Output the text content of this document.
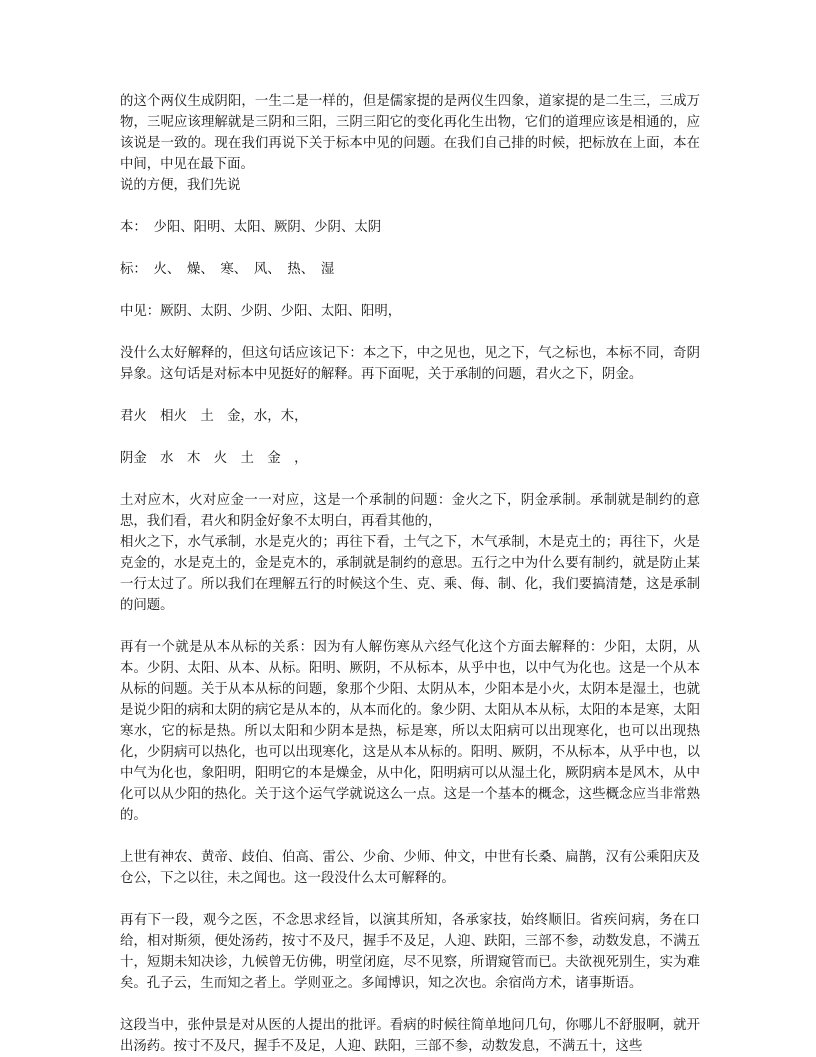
的这个两仪生成阴阳，一生二是一样的，但是儒家提的是两仪生四象，道家提的是二生三，三成万物，三呢应该理解就是三阴和三阳，三阴三阳它的变化再化生出物，它们的道理应该是相通的，应该说是一致的。现在我们再说下关于标本中见的问题。在我们自己排的时候，把标放在上面，本在中间，中见在最下面。

说的方便，我们先说

本：　少阳、阳明、太阳、厥阴、少阴、太阴

标：　火、　燥、　寒、　风、　热、　湿

中见：厥阴、太阴、少阴、少阳、太阳、阳明，

没什么太好解释的，但这句话应该记下：本之下，中之见也，见之下，气之标也，本标不同，奇阴异象。这句话是对标本中见挺好的解释。再下面呢，关于承制的问题，君火之下，阴金。

君火　相火　土　金，水，木，

阴金　水　木　火　土　金　，

土对应木，火对应金一一对应，这是一个承制的问题：金火之下，阴金承制。承制就是制约的意思，我们看，君火和阴金好象不太明白，再看其他的，

相火之下，水气承制，水是克火的；再往下看，土气之下，木气承制，木是克土的；再往下，火是克金的，水是克土的，金是克木的，承制就是制约的意思。五行之中为什么要有制约，就是防止某一行太过了。所以我们在理解五行的时候这个生、克、乘、侮、制、化，我们要搞清楚，这是承制的问题。

再有一个就是从本从标的关系：因为有人解伤寒从六经气化这个方面去解释的：少阳，太阴，从本。少阴、太阳、从本、从标。阳明、厥阴，不从标本，从乎中也，以中气为化也。这是一个从本从标的问题。关于从本从标的问题，象那个少阳、太阴从本，少阳本是小火，太阴本是湿土，也就是说少阳的病和太阴的病它是从本的，从本而化的。象少阴、太阳从本从标，太阳的本是寒，太阳寒水，它的标是热。所以太阳和少阴本是热，标是寒，所以太阳病可以出现寒化，也可以出现热化，少阴病可以热化，也可以出现寒化，这是从本从标的。阳明、厥阴，不从标本，从乎中也，以中气为化也，象阳明，阳明它的本是燥金，从中化，阳明病可以从湿土化，厥阴病本是风木，从中化可以从少阳的热化。关于这个运气学就说这么一点。这是一个基本的概念，这些概念应当非常熟的。

上世有神农、黄帝、歧伯、伯高、雷公、少俞、少师、仲文，中世有长桑、扁鹊，汉有公乘阳庆及仓公，下之以往，未之闻也。这一段没什么太可解释的。

再有下一段，观今之医，不念思求经旨，以演其所知，各承家技，始终顺旧。省疾问病，务在口给，相对斯须，便处汤药，按寸不及尺，握手不及足，人迎、趺阳，三部不参，动数发息，不满五十，短期未知决诊，九候曾无仿佛，明堂闭庭，尽不见察，所谓窥管而已。夫欲视死别生，实为难矣。孔子云，生而知之者上。学则亚之。多闻博识，知之次也。余宿尚方术，诸事斯语。

这段当中，张仲景是对从医的人提出的批评。看病的时候往简单地问几句，你哪儿不舒服啊，就开出汤药。按寸不及尺，握手不及足，人迎、趺阳，三部不参，动数发息，不满五十，这些
